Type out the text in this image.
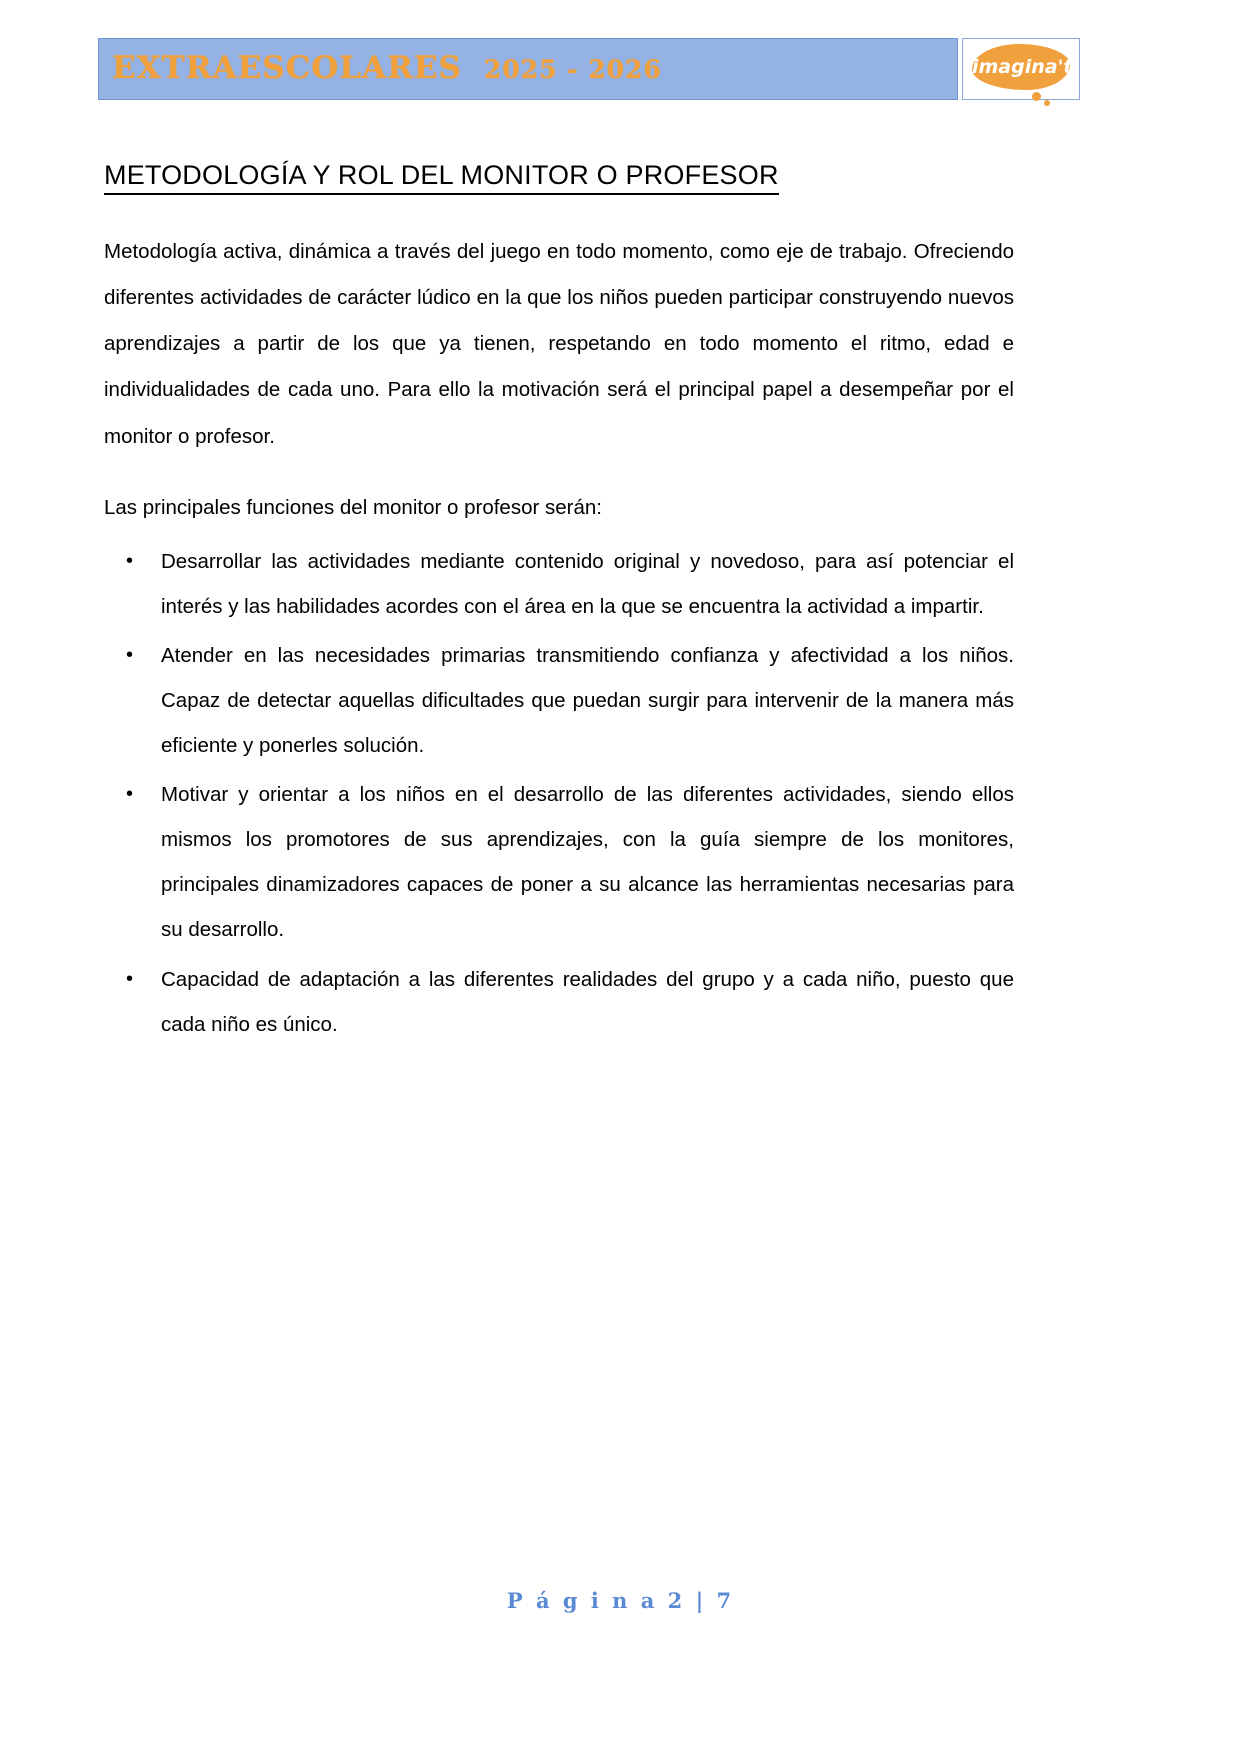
EXTRAESCOLARES 2025 - 2026	imagina't
METODOLOGÍA Y ROL DEL MONITOR O PROFESOR

Metodología activa, dinámica a través del juego en todo momento, como eje de trabajo. Ofreciendo diferentes actividades de carácter lúdico en la que los niños pueden participar construyendo nuevos aprendizajes a partir de los que ya tienen, respetando en todo momento el ritmo, edad e individualidades de cada uno. Para ello la motivación será el principal papel a desempeñar por el monitor o profesor.

Las principales funciones del monitor o profesor serán:

• Desarrollar las actividades mediante contenido original y novedoso, para así potenciar el interés y las habilidades acordes con el área en la que se encuentra la actividad a impartir.
• Atender en las necesidades primarias transmitiendo confianza y afectividad a los niños. Capaz de detectar aquellas dificultades que puedan surgir para intervenir de la manera más eficiente y ponerles solución.
• Motivar y orientar a los niños en el desarrollo de las diferentes actividades, siendo ellos mismos los promotores de sus aprendizajes, con la guía siempre de los monitores, principales dinamizadores capaces de poner a su alcance las herramientas necesarias para su desarrollo.
• Capacidad de adaptación a las diferentes realidades del grupo y a cada niño, puesto que cada niño es único.
P á g i n a 2 | 7
